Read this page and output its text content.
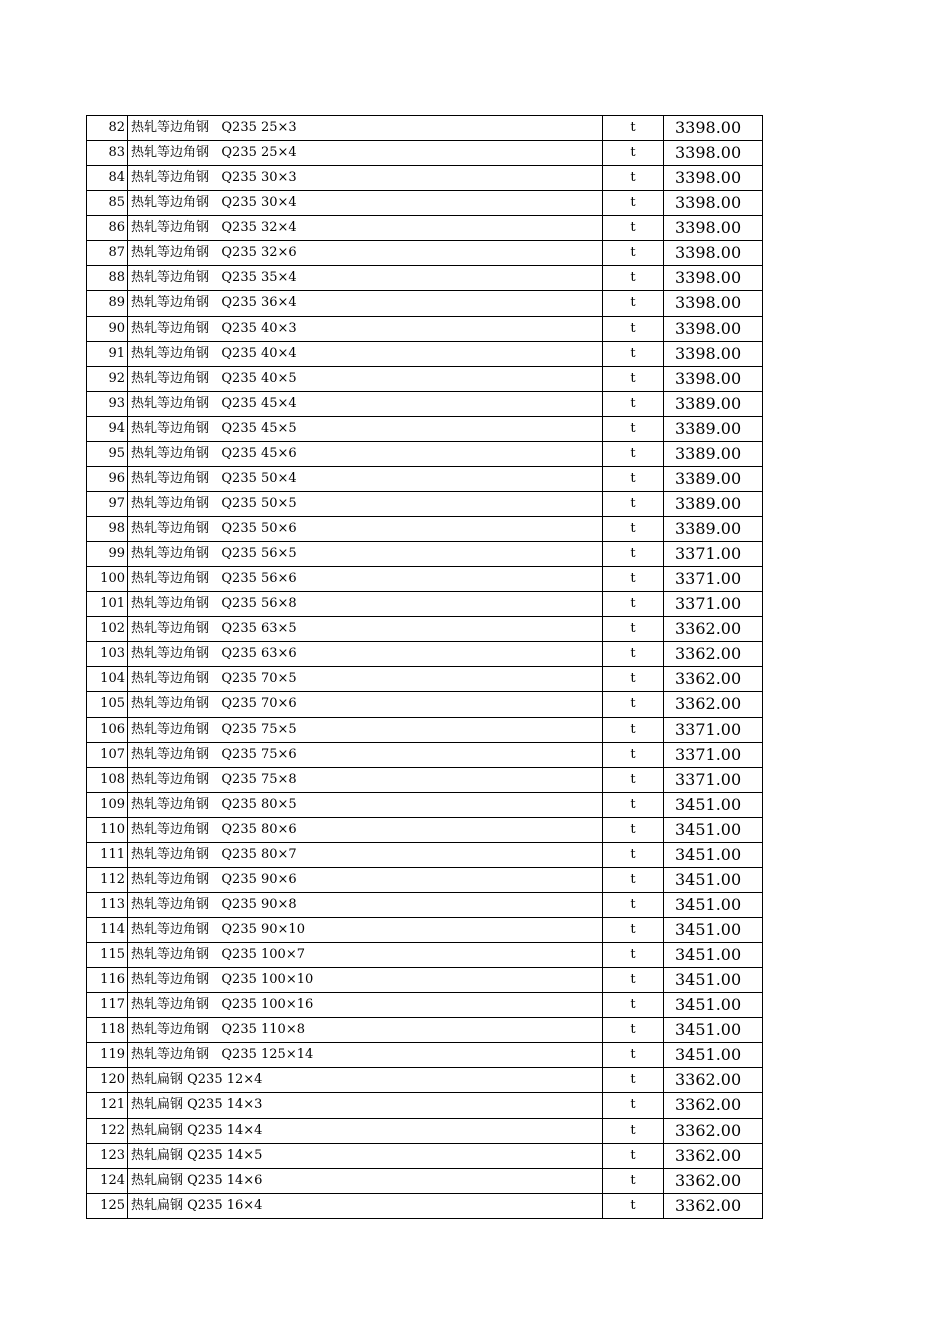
82	热轧等边角钢   Q235 25×3	t	3398.00
83	热轧等边角钢   Q235 25×4	t	3398.00
84	热轧等边角钢   Q235 30×3	t	3398.00
85	热轧等边角钢   Q235 30×4	t	3398.00
86	热轧等边角钢   Q235 32×4	t	3398.00
87	热轧等边角钢   Q235 32×6	t	3398.00
88	热轧等边角钢   Q235 35×4	t	3398.00
89	热轧等边角钢   Q235 36×4	t	3398.00
90	热轧等边角钢   Q235 40×3	t	3398.00
91	热轧等边角钢   Q235 40×4	t	3398.00
92	热轧等边角钢   Q235 40×5	t	3398.00
93	热轧等边角钢   Q235 45×4	t	3389.00
94	热轧等边角钢   Q235 45×5	t	3389.00
95	热轧等边角钢   Q235 45×6	t	3389.00
96	热轧等边角钢   Q235 50×4	t	3389.00
97	热轧等边角钢   Q235 50×5	t	3389.00
98	热轧等边角钢   Q235 50×6	t	3389.00
99	热轧等边角钢   Q235 56×5	t	3371.00
100	热轧等边角钢   Q235 56×6	t	3371.00
101	热轧等边角钢   Q235 56×8	t	3371.00
102	热轧等边角钢   Q235 63×5	t	3362.00
103	热轧等边角钢   Q235 63×6	t	3362.00
104	热轧等边角钢   Q235 70×5	t	3362.00
105	热轧等边角钢   Q235 70×6	t	3362.00
106	热轧等边角钢   Q235 75×5	t	3371.00
107	热轧等边角钢   Q235 75×6	t	3371.00
108	热轧等边角钢   Q235 75×8	t	3371.00
109	热轧等边角钢   Q235 80×5	t	3451.00
110	热轧等边角钢   Q235 80×6	t	3451.00
111	热轧等边角钢   Q235 80×7	t	3451.00
112	热轧等边角钢   Q235 90×6	t	3451.00
113	热轧等边角钢   Q235 90×8	t	3451.00
114	热轧等边角钢   Q235 90×10	t	3451.00
115	热轧等边角钢   Q235 100×7	t	3451.00
116	热轧等边角钢   Q235 100×10	t	3451.00
117	热轧等边角钢   Q235 100×16	t	3451.00
118	热轧等边角钢   Q235 110×8	t	3451.00
119	热轧等边角钢   Q235 125×14	t	3451.00
120	热轧扁钢 Q235 12×4	t	3362.00
121	热轧扁钢 Q235 14×3	t	3362.00
122	热轧扁钢 Q235 14×4	t	3362.00
123	热轧扁钢 Q235 14×5	t	3362.00
124	热轧扁钢 Q235 14×6	t	3362.00
125	热轧扁钢 Q235 16×4	t	3362.00
